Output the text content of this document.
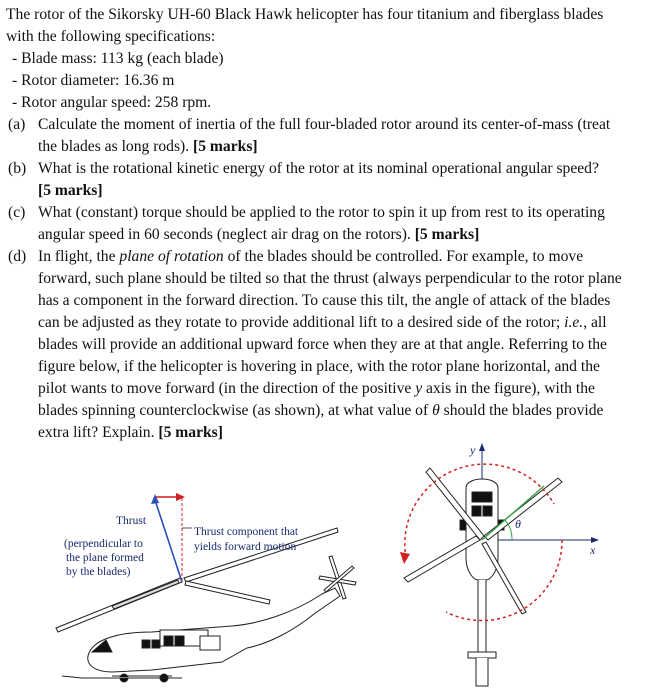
The rotor of the Sikorsky UH-60 Black Hawk helicopter has four titanium and fiberglass blades
with the following specifications:
- Blade mass: 113 kg (each blade)
- Rotor diameter: 16.36 m
- Rotor angular speed: 258 rpm.
(a) Calculate the moment of inertia of the full four-bladed rotor around its center-of-mass (treat
the blades as long rods). [5 marks]
(b) What is the rotational kinetic energy of the rotor at its nominal operational angular speed?
[5 marks]
(c) What (constant) torque should be applied to the rotor to spin it up from rest to its operating
angular speed in 60 seconds (neglect air drag on the rotors). [5 marks]
(d) In flight, the plane of rotation of the blades should be controlled. For example, to move
forward, such plane should be tilted so that the thrust (always perpendicular to the rotor plane
has a component in the forward direction. To cause this tilt, the angle of attack of the blades
can be adjusted as they rotate to provide additional lift to a desired side of the rotor; i.e., all
blades will provide an additional upward force when they are at that angle. Referring to the
figure below, if the helicopter is hovering in place, with the rotor plane horizontal, and the
pilot wants to move forward (in the direction of the positive y axis in the figure), with the
blades spinning counterclockwise (as shown), at what value of θ should the blades provide
extra lift? Explain. [5 marks]
Thrust
(perpendicular to
the plane formed
by the blades)
Thrust component that
yields forward motion
y
x
θ
